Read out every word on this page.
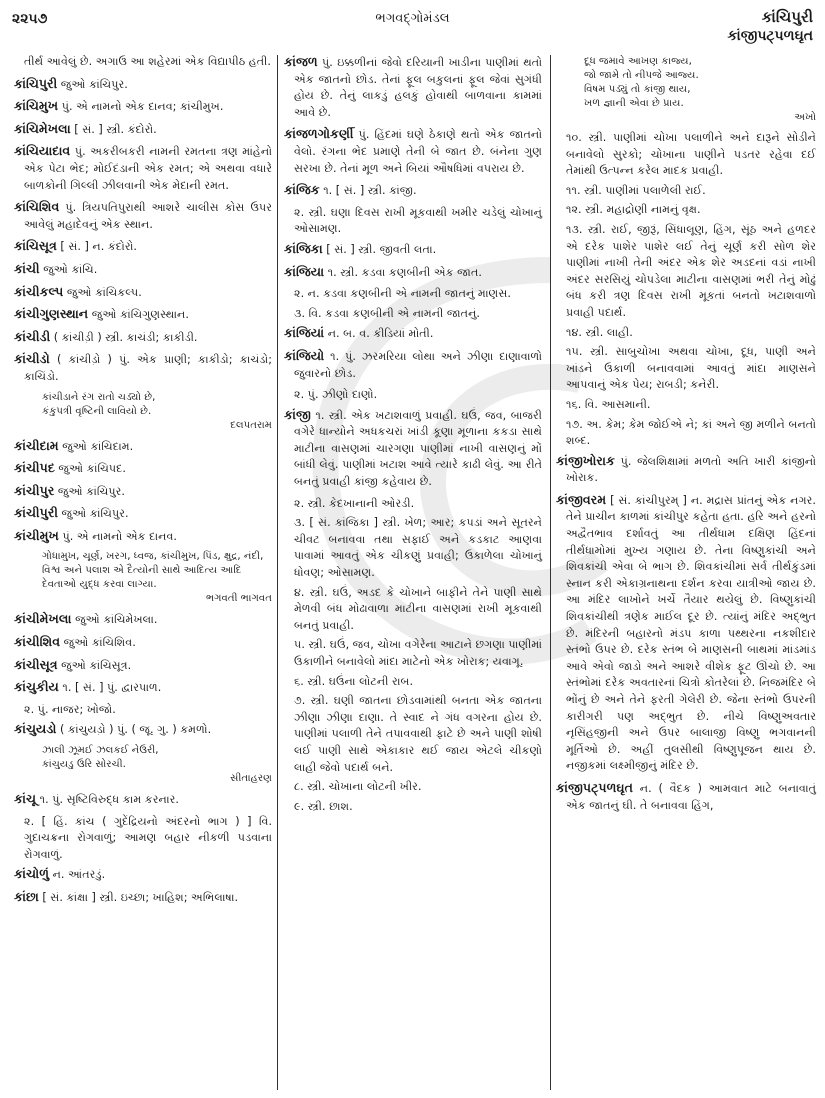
૨૨૫૭	ભગવદ્ગોમંડલ	કાંચિપુરી
કાંજીપટ્પળઘૃત
તીર્થ આવેલું છે. અગાઉ આ શહેરમાં એક વિદ્યાપીઠ હતી.
કાંચિપુરી જુઓ કાંચિપુર.
કાંચિમુખ પું. એ નામનો એક દાનવ; કાંચીમુખ.
કાંચિમેખલા [ સં. ] સ્ત્રી. કંદોરો.
કાંચિયાદાવ પું. અકરીબકરી નામની રમતના ત્રણ માંહેનો એક પેટા ભેદ; મોઈદંડાની એક રમત; એ અથવા વધારે બાળકોની ગિલ્લી ઝીલવાની એક મેદાની રમત.
કાંચિશિવ પું. ત્રિયપતિપુરાથી આશરે ચાલીસ કોસ ઉપર આવેલું મહાદેવનું એક સ્થાન.
કાંચિસૂત્ર [ સં. ] ન. કંદોરો.
કાંચી જુઓ કાંચિ.
કાંચીકલ્પ જુઓ કાંચિકલ્પ.
કાંચીગુણસ્થાન જુઓ કાંચિગુણસ્થાન.
કાંચીડી ( કાંચીડ઼ી ) સ્ત્રી. કાચંડી; કાકીડી.
કાંચીડો ( કાંચીડ઼ો ) પું. એક પ્રાણી; કાકીડો; કાચંડો; કાચિંડો.
કાંચીડાને રંગ રાતો ચડ્યો છે,
કંકુપત્રી વૃષ્ટિની લાવિયો છે.
દલપતરામ
કાંચીદામ જુઓ કાંચિદામ.
કાંચીપદ જુઓ કાંચિપદ.
કાંચીપુર જુઓ કાંચિપુર.
કાંચીપુરી જુઓ કાંચિપુર.
કાંચીમુખ પું. એ નામનો એક દાનવ.
ગોધામુખ, ચૂર્ણ, ખરગ, ધ્વજ, કાંચીમુખ, પિંડ, ક્ષુદ્ર, નંદી, વિશ્વ અને પલાશ એ દૈત્યોની સાથે આદિત્ય આદિ દેવતાઓ યુદ્ધ કરવા લાગ્યા.
ભગવતી ભાગવત
કાંચીમેખલા જુઓ કાંચિમેખલા.
કાંચીશિવ જુઓ કાંચિશિવ.
કાંચીસૂત્ર જુઓ કાંચિસૂત્ર.
કાંચુકીય ૧. [ સં. ] પું. દ્વારપાળ.
૨. પું. નાજર; ખોજો.
કાંચુયડો ( કાંચુયડ઼ો ) પું. ( જૂ. ગુ. ) કમળો.
ઝાલી ઝૂમઈ ઝલકઈ નેઉરી,
કાંચુયડુ ઉરિ સોરચી.
સીતાહરણ
કાંચૂ ૧. પું. સૃષ્ટિવિરુદ્ધ કામ કરનાર.
૨. [ હિં. કાંચ ( ગુદેંદ્રિયનો અંદરનો ભાગ ) ] વિ. ગુદાચક્રના રોગવાળું; આમણ બહાર નીકળી પડવાના રોગવાળું.
કાંચોળું ન. આંતરડું.
કાંછા [ સં. કાંક્ષા ] સ્ત્રી. ઇચ્છા; ખાહિશ; અભિલાષા.
કાંજળ પું. ઇક્કળીનાં જેવો દરિયાની ખાડીના પાણીમાં થતો એક જાતનો છોડ. તેનાં ફૂલ બકુલનાં ફૂલ જેવાં સુગંધી હોય છે. તેનું લાકડું હલકું હોવાથી બાળવાના કામમાં આવે છે.
કાંજળગોકર્ણી પું. હિંદમાં ઘણે ઠેકાણે થતો એક જાતનો વેલો. રંગના ભેદ પ્રમાણે તેની બે જાત છે. બંનેના ગુણ સરખા છે. તેનાં મૂળ અને બિયાં ઔષધિમાં વપરાય છે.
કાંજિક ૧. [ સં. ] સ્ત્રી. કાંજી.
૨. સ્ત્રી. ઘણા દિવસ રાખી મૂકવાથી ખમીર ચડેલું ચોખાનું ઓસામણ.
કાંજિકા [ સં. ] સ્ત્રી. જીવતી લતા.
કાંજિયા ૧. સ્ત્રી. કડવા કણબીની એક જાત.
૨. ન. કડવા કણબીની એ નામની જાતનું માણસ.
૩. વિ. કડવા કણબીની એ નામની જાતનું.
કાંજિયાં ન. બ. વ. કીડિયાં મોતી.
કાંજિયો ૧. પું. ઝરમરિયા લોથા અને ઝીણા દાણાવાળો જુવારનો છોડ.
૨. પું. ઝીણો દાણો.
કાંજી ૧. સ્ત્રી. એક ખટાશવાળું પ્રવાહી. ઘઉં, જવ, બાજરી વગેરે ધાન્યોને અધકચરાં ખાંડી કૂણા મૂળાના કકડા સાથે માટીના વાસણમાં ચારગણા પાણીમાં નાખી વાસણનું મોં બાંધી લેવું. પાણીમાં ખટાશ આવે ત્યારે કાઢી લેવું. આ રીતે બનતું પ્રવાહી કાંજી કહેવાય છે.
૨. સ્ત્રી. કેદખાનાની ઓરડી.
૩. [ સં. કાંજિકા ] સ્ત્રી. ખેળ; આર; કપડાં અને સૂતરને ચીવટ બનાવવા તથા સફાઈ અને કડકાટ આણવા પાવામાં આવતું એક ચીકણું પ્રવાહી; ઉકાળેલા ચોખાનું ધોવણ; ઓસામણ.
૪. સ્ત્રી. ઘઉં, અડદ કે ચોખાને બાફીને તેને પાણી સાથે મેળવી બંધ મોઢાવાળા માટીના વાસણમાં રાખી મૂકવાથી બનતું પ્રવાહી.
૫. સ્ત્રી. ઘઉં, જવ, ચોખા વગેરેના આટાને છગણા પાણીમાં ઉકાળીને બનાવેલો માંદા માટેનો એક ખોરાક; યવાગૂ.
૬. સ્ત્રી. ઘઉંના લોટની રાબ.
૭. સ્ત્રી. ઘણી જાતના છોડવામાંથી બનતા એક જાતના ઝીણા ઝીણા દાણા. તે સ્વાદ ને ગંધ વગરના હોય છે. પાણીમાં પલાળી તેને તપાવવાથી ફાટે છે અને પાણી શોષી લઈ પાણી સાથે એકાકાર થઈ જાય એટલે ચીકણો લાહી જેવો પદાર્થ બને.
૮. સ્ત્રી. ચોખાના લોટની ખીર.
૯. સ્ત્રી. છાશ.
દૂધ જમાવે આખણ કાજ્ય,
જો જામે તો નીપજે આજ્ય.
વિષમ પડ્યું તો કાંજી થાય,
ખળ જ્ઞાની એવા છે પ્રાય.
અખો
૧૦. સ્ત્રી. પાણીમાં ચોખા પલાળીને અને દારૂને સોડીને બનાવેલો સુરકો; ચોખાના પાણીને પડતર રહેવા દઈ તેમાંથી ઉત્પન્ન કરેલ માદક પ્રવાહી.
૧૧. સ્ત્રી. પાણીમાં પલાળેલી રાઈ.
૧૨. સ્ત્રી. મહાદ્રોણી નામનું વૃક્ષ.
૧૩. સ્ત્રી. રાઈ, જીરૂં, સિંધાલૂણ, હિંગ, સૂંઠ અને હળદર એ દરેક પાશેર પાશેર લઈ તેનું ચૂર્ણ કરી સોળ શેર પાણીમાં નાખી તેની અંદર એક શેર અડદનાં વડાં નાખી અંદર સરસિયું ચોપડેલા માટીના વાસણમાં ભરી તેનું મોઢું બંધ કરી ત્રણ દિવસ રાખી મૂકતાં બનતો ખટાશવાળો પ્રવાહી પદાર્થ.
૧૪. સ્ત્રી. લાહી.
૧૫. સ્ત્રી. સાબુચોખા અથવા ચોખા, દૂધ, પાણી અને ખાંડને ઉકાળી બનાવવામાં આવતું માંદા માણસને આપવાનું એક પેય; રાબડી; કનેરી.
૧૬. વિ. આસમાની.
૧૭. અ. કેમ; કેમ જોઈએ ને; કાં અને જી મળીને બનતો શબ્દ.
કાંજીખોરાક પું. જેલશિક્ષામાં મળતો અતિ ખારી કાંજીનો ખોરાક.
કાંજીવરમ [ સં. કાંચીપુરમ્ ] ન. મદ્રાસ પ્રાંતનું એક નગર. તેને પ્રાચીન કાળમાં કાંચીપુર કહેતા હતા. હરિ અને હરનો અદ્વૈતભાવ દર્શાવતું આ તીર્થધામ દક્ષિણ હિંદનાં તીર્થધામોમાં મુખ્ય ગણાય છે. તેના વિષ્ણુકાંચી અને શિવકાંચી એવા બે ભાગ છે. શિવકાંચીમાં સર્વ તીર્થકુંડમાં સ્નાન કરી એકાગ્રનાથના દર્શન કરવા યાત્રીઓ જાય છે. આ મંદિર લાખોને ખર્ચે તૈયાર થયેલું છે. વિષ્ણુકાંચી શિવકાંચીથી ત્રણેક માઈલ દૂર છે. ત્યાંનું મંદિર અદ્ભુત છે. મંદિરની બહારનો મંડપ કાળા પથ્થરના નકશીદાર સ્તંભો ઉપર છે. દરેક સ્તંભ બે માણસની બાથમાં માંડમાંડ આવે એવો જાડો અને આશરે વીશેક ફૂટ ઊંચો છે. આ સ્તંભોમાં દરેક અવતારનાં ચિત્રો કોતરેલાં છે. નિજમંદિર બે ભોંનું છે અને તેને ફરતી ગેલેરી છે. જેના સ્તંભો ઉપરની કારીગરી પણ અદ્ભુત છે. નીચે વિષ્ણુઅવતાર નૃસિંહજીની અને ઉપર બાલાજી વિષ્ણુ ભગવાનની મૂર્તિઓ છે. અહીં તુલસીથી વિષ્ણુપૂજન થાય છે. નજીકમાં લક્ષ્મીજીનું મંદિર છે.
કાંજીપટ્પળઘૃત ન. ( વૈદક ) આમવાત માટે બનાવાતું એક જાતનું ઘી. તે બનાવવા હિંગ,
